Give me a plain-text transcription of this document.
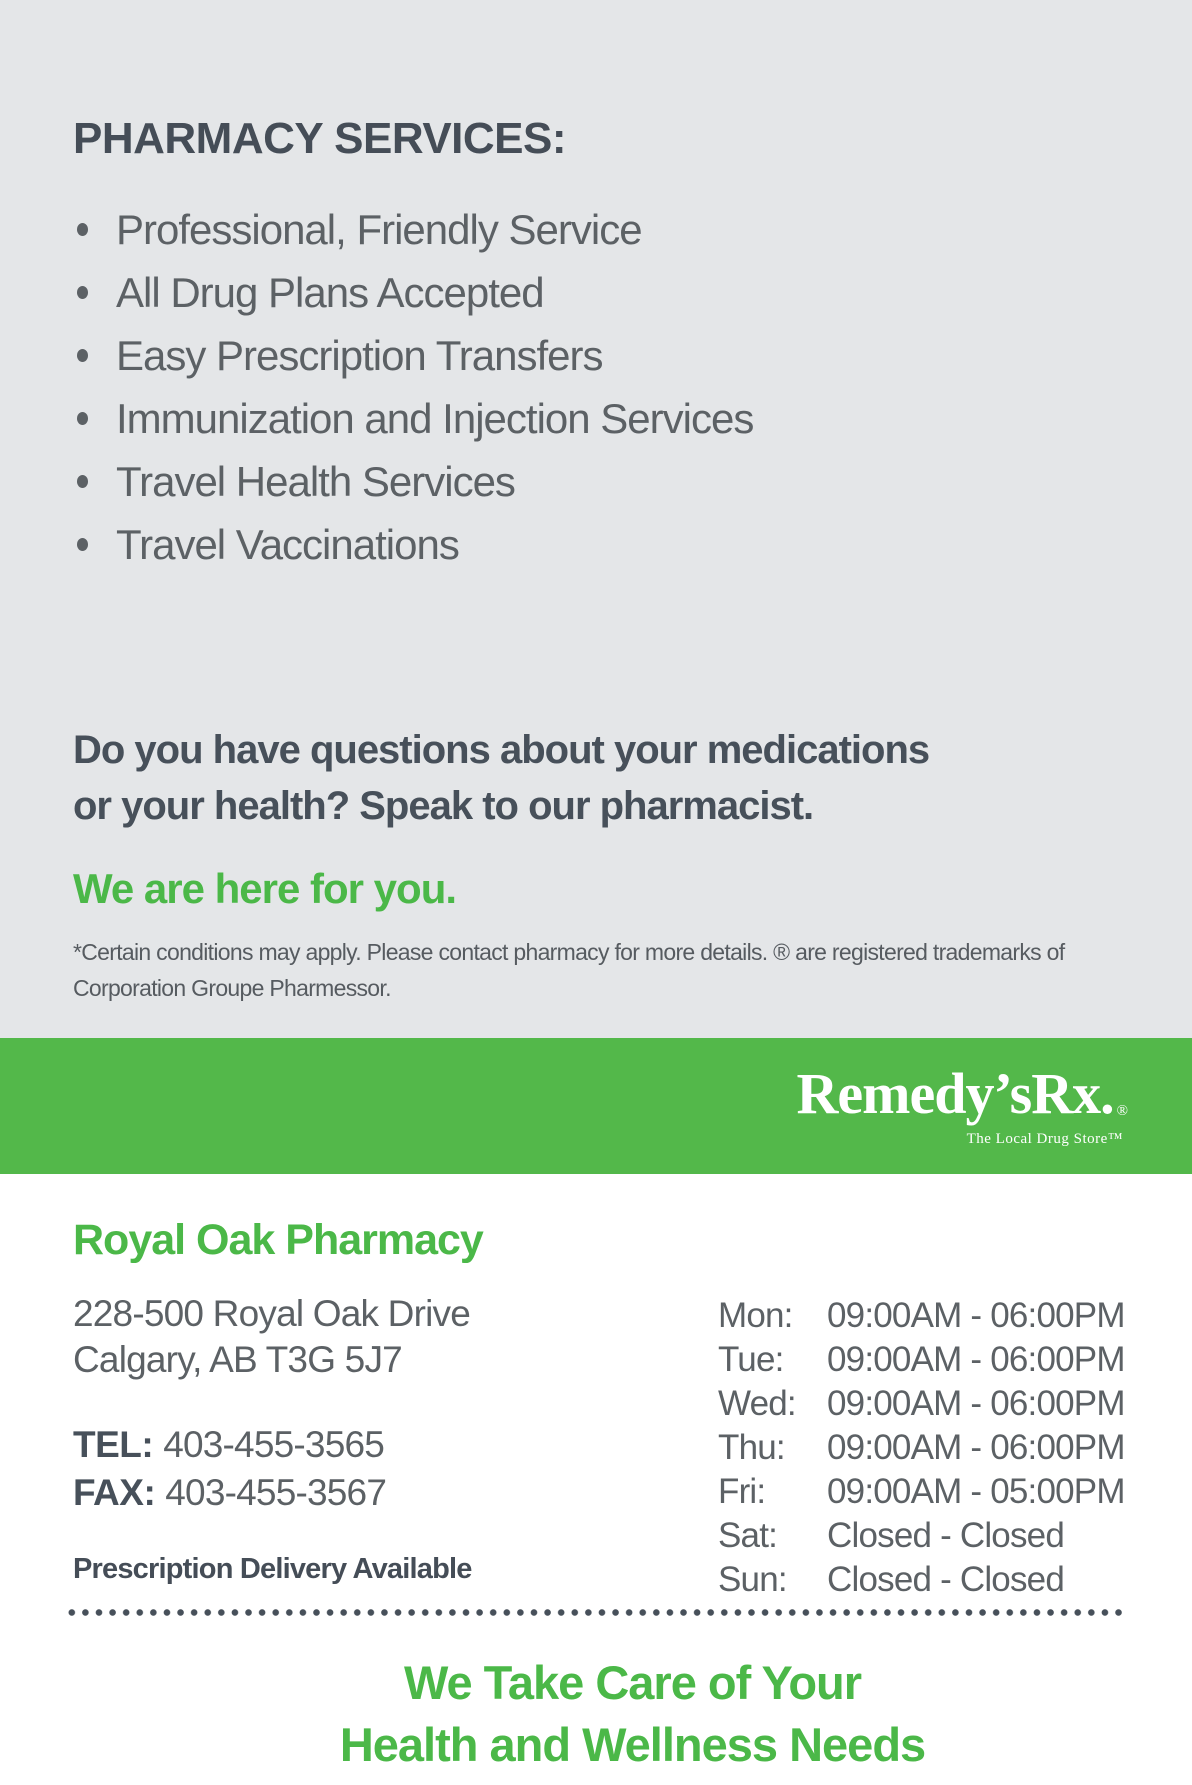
PHARMACY SERVICES:
Professional, Friendly Service
All Drug Plans Accepted
Easy Prescription Transfers
Immunization and Injection Services
Travel Health Services
Travel Vaccinations
Do you have questions about your medications
or your health? Speak to our pharmacist.
We are here for you.

*Certain conditions may apply. Please contact pharmacy for more details. ® are registered trademarks of Corporation Groupe Pharmessor.

Remedy’sRx. ®
The Local Drug Store™
Royal Oak Pharmacy
228-500 Royal Oak Drive
Calgary, AB T3G 5J7
TEL: 403-455-3565
FAX: 403-455-3567
Prescription Delivery Available
Mon: 09:00AM - 06:00PM
Tue: 09:00AM - 06:00PM
Wed: 09:00AM - 06:00PM
Thu: 09:00AM - 06:00PM
Fri: 09:00AM - 05:00PM
Sat: Closed - Closed
Sun: Closed - Closed
We Take Care of Your
Health and Wellness Needs
